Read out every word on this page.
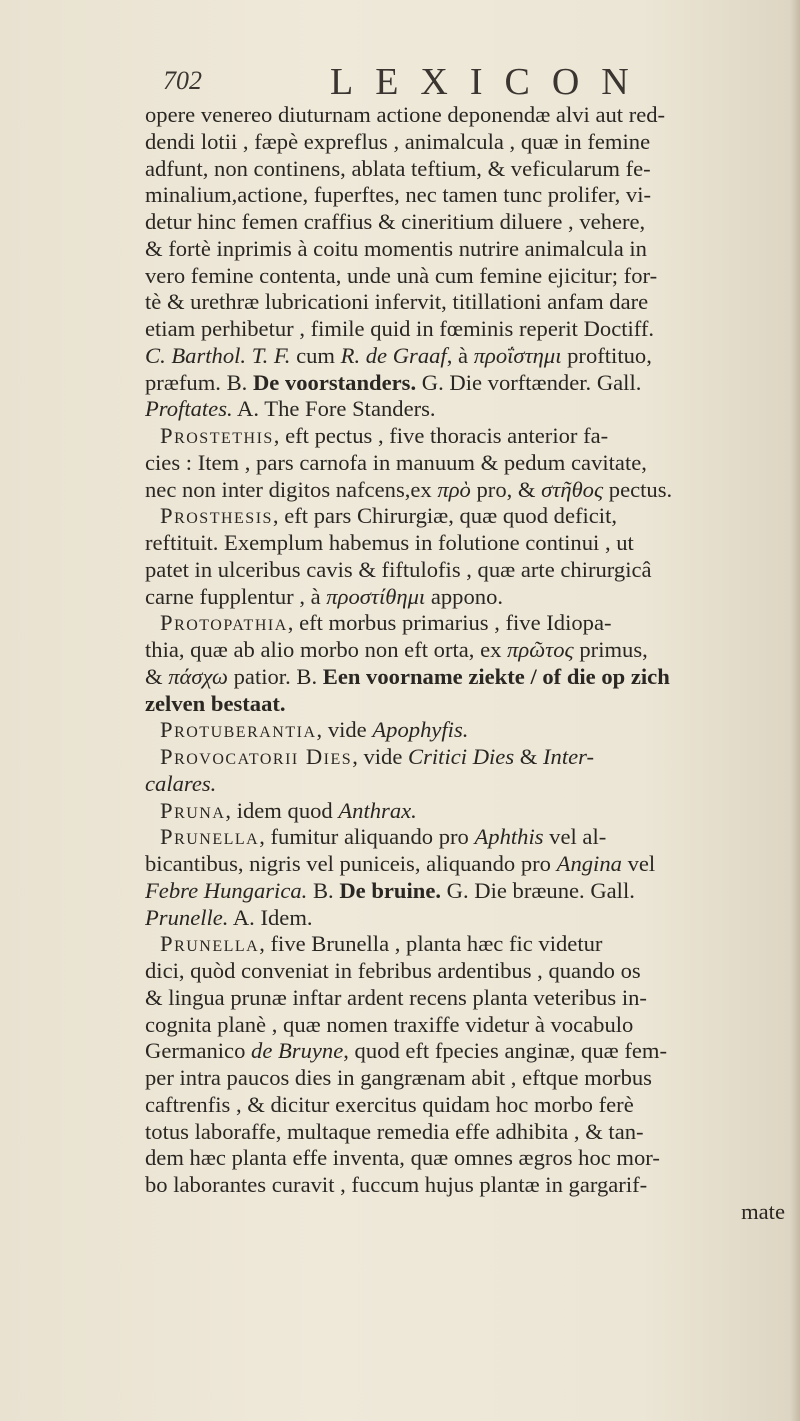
702	LEXICON
opere venereo diuturnam actione deponendæ alvi aut red-
dendi lotii , fæpè expreflus , animalcula , quæ in femine
adfunt, non continens, ablata teftium, & veficularum fe-
minalium,actione, fuperftes, nec tamen tunc prolifer, vi-
detur hinc femen craffius & cineritium diluere , vehere,
& fortè inprimis à coitu momentis nutrire animalcula in
vero femine contenta, unde unà cum femine ejicitur; for-
tè & urethræ lubricationi infervit, titillationi anfam dare
etiam perhibetur , fimile quid in fœminis reperit Doctiff.
C. Barthol. T. F. cum R. de Graaf, à προΐστημι proftituo,
præfum. B. De voorstanders. G. Die vorftænder. Gall.
Proftates. A. The Fore Standers.
Prostethis, eft pectus , five thoracis anterior fa-
cies : Item , pars carnofa in manuum & pedum cavitate,
nec non inter digitos nafcens,ex πρὸ pro, & στῆθος pectus.
Prosthesis, eft pars Chirurgiæ, quæ quod deficit,
reftituit. Exemplum habemus in folutione continui , ut
patet in ulceribus cavis & fiftulofis , quæ arte chirurgicâ
carne fupplentur , à προστίθημι appono.
Protopathia, eft morbus primarius , five Idiopa-
thia, quæ ab alio morbo non eft orta, ex πρῶτος primus,
& πάσχω patior. B. Een voorname ziekte / of die op zich
zelven bestaat.
Protuberantia, vide Apophyfis.
Provocatorii Dies, vide Critici Dies & Inter-
calares.
Pruna, idem quod Anthrax.
Prunella, fumitur aliquando pro Aphthis vel al-
bicantibus, nigris vel puniceis, aliquando pro Angina vel
Febre Hungarica. B. De bruine. G. Die bræune. Gall.
Prunelle. A. Idem.
Prunella, five Brunella , planta hæc fic videtur
dici, quòd conveniat in febribus ardentibus , quando os
& lingua prunæ inftar ardent recens planta veteribus in-
cognita planè , quæ nomen traxiffe videtur à vocabulo
Germanico de Bruyne, quod eft fpecies anginæ, quæ fem-
per intra paucos dies in gangrænam abit , eftque morbus
caftrenfis , & dicitur exercitus quidam hoc morbo ferè
totus laboraffe, multaque remedia effe adhibita , & tan-
dem hæc planta effe inventa, quæ omnes ægros hoc mor-
bo laborantes curavit , fuccum hujus plantæ in gargarif-
mate
